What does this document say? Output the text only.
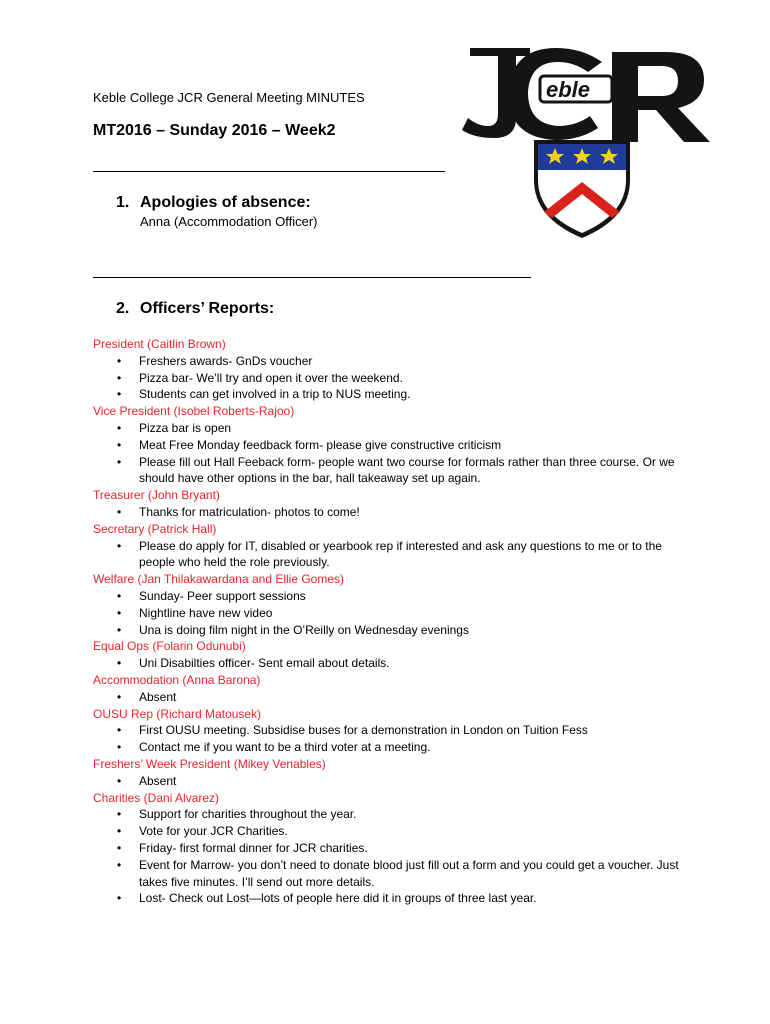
Keble College JCR General Meeting MINUTES
MT2016 – Sunday 2016 – Week2
eble
1. Apologies of absence:
Anna (Accommodation Officer)
2. Officers’ Reports:
President (Caitlin Brown)
• Freshers awards- GnDs voucher
• Pizza bar- We’ll try and open it over the weekend.
• Students can get involved in a trip to NUS meeting.
Vice President (Isobel Roberts-Rajoo)
• Pizza bar is open
• Meat Free Monday feedback form- please give constructive criticism
• Please fill out Hall Feeback form- people want two course for formals rather than three course. Or we should have other options in the bar, hall takeaway set up again.
Treasurer (John Bryant)
• Thanks for matriculation- photos to come!
Secretary (Patrick Hall)
• Please do apply for IT, disabled or yearbook rep if interested and ask any questions to me or to the people who held the role previously.
Welfare (Jan Thilakawardana and Ellie Gomes)
• Sunday- Peer support sessions
• Nightline have new video
• Una is doing film night in the O’Reilly on Wednesday evenings
Equal Ops (Folarin Odunubi)
• Uni Disabilties officer- Sent email about details.
Accommodation (Anna Barona)
• Absent
OUSU Rep (Richard Matousek)
• First OUSU meeting. Subsidise buses for a demonstration in London on Tuition Fess
• Contact me if you want to be a third voter at a meeting.
Freshers’ Week President (Mikey Venables)
• Absent
Charities (Dani Alvarez)
• Support for charities throughout the year.
• Vote for your JCR Charities.
• Friday- first formal dinner for JCR charities.
• Event for Marrow- you don’t need to donate blood just fill out a form and you could get a voucher. Just takes five minutes. I’ll send out more details.
• Lost- Check out Lost—lots of people here did it in groups of three last year.
